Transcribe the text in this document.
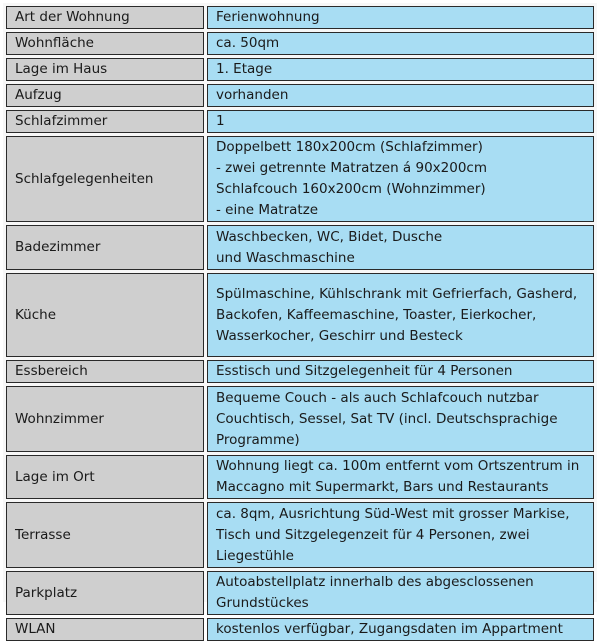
Art der Wohnung	Ferienwohnung

Wohnfläche	ca. 50qm

Lage im Haus	1. Etage

Aufzug	vorhanden

Schlafzimmer	1

Schlafgelegenheiten	Doppelbett 180x200cm (Schlafzimmer)
- zwei getrennte Matratzen á 90x200cm
Schlafcouch 160x200cm (Wohnzimmer)
- eine Matratze

Badezimmer	Waschbecken, WC, Bidet, Dusche
und Waschmaschine

Küche	Spülmaschine, Kühlschrank mit Gefrierfach, Gasherd,
Backofen, Kaffeemaschine, Toaster, Eierkocher,
Wasserkocher, Geschirr und Besteck

Essbereich	Esstisch und Sitzgelegenheit für 4 Personen

Wohnzimmer	Bequeme Couch - als auch Schlafcouch nutzbar
Couchtisch, Sessel, Sat TV (incl. Deutschsprachige
Programme)

Lage im Ort	Wohnung liegt ca. 100m entfernt vom Ortszentrum in
Maccagno mit Supermarkt, Bars und Restaurants

Terrasse	ca. 8qm, Ausrichtung Süd-West mit grosser Markise,
Tisch und Sitzgelegenzeit für 4 Personen, zwei
Liegestühle

Parkplatz	Autoabstellplatz innerhalb des abgesclossenen
Grundstückes

WLAN	kostenlos verfügbar, Zugangsdaten im Appartment
